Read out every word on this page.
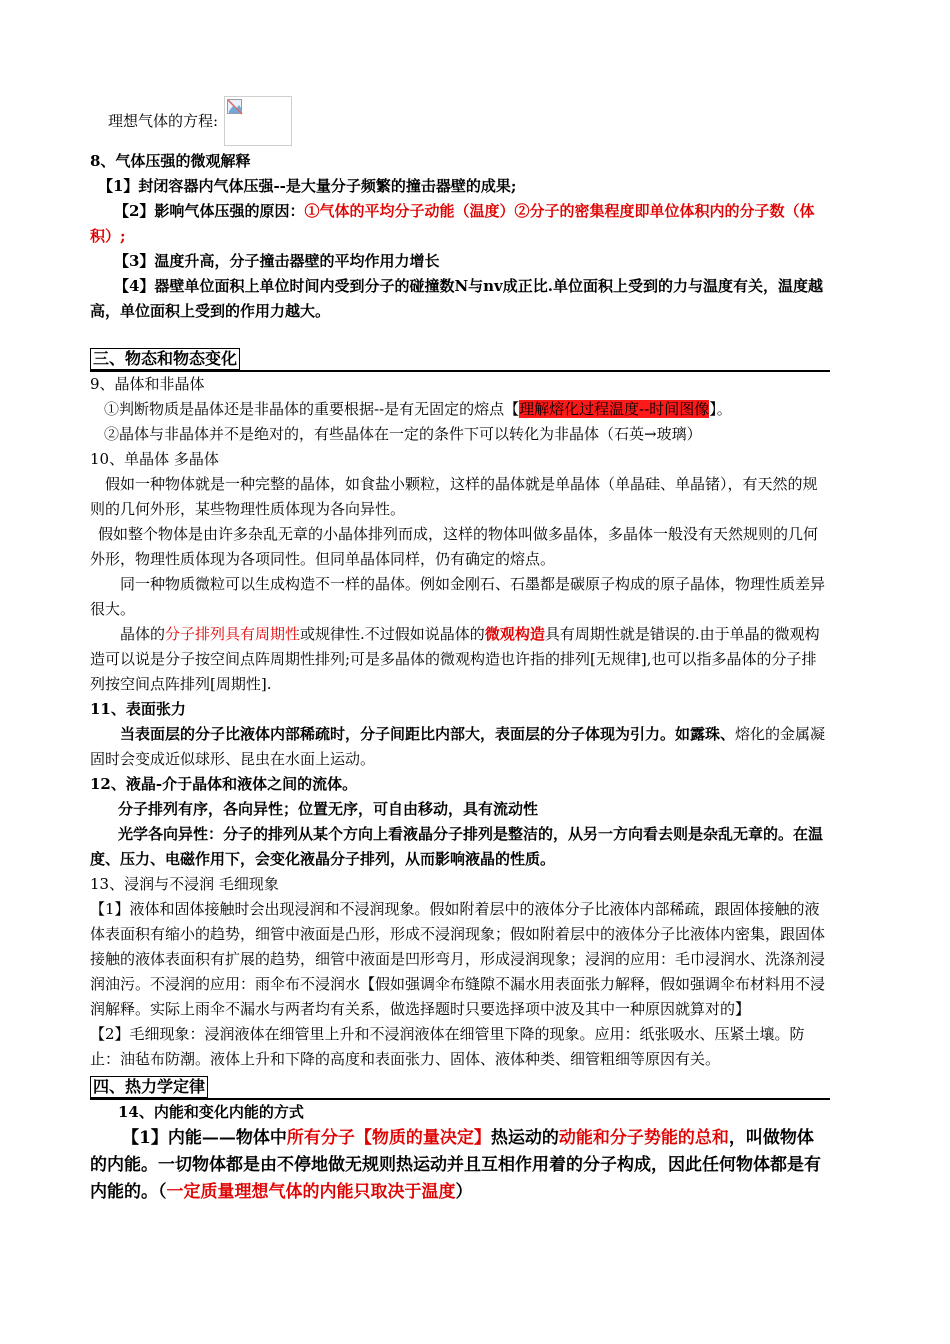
理想气体的方程:
8、气体压强的微观解释
【1】封闭容器内气体压强--是大量分子频繁的撞击器壁的成果;
【2】影响气体压强的原因：①气体的平均分子动能（温度）②分子的密集程度即单位体积内的分子数（体积）;
【3】温度升高，分子撞击器壁的平均作用力增长
【4】器壁单位面积上单位时间内受到分子的碰撞数N与nv成正比.单位面积上受到的力与温度有关，温度越高，单位面积上受到的作用力越大。
三、物态和物态变化
9、晶体和非晶体
①判断物质是晶体还是非晶体的重要根据--是有无固定的熔点【理解熔化过程温度--时间图像】。
②晶体与非晶体并不是绝对的，有些晶体在一定的条件下可以转化为非晶体（石英→玻璃）
10、单晶体 多晶体
假如一种物体就是一种完整的晶体，如食盐小颗粒，这样的晶体就是单晶体（单晶硅、单晶锗），有天然的规则的几何外形，某些物理性质体现为各向异性。
假如整个物体是由许多杂乱无章的小晶体排列而成，这样的物体叫做多晶体，多晶体一般没有天然规则的几何外形，物理性质体现为各项同性。但同单晶体同样，仍有确定的熔点。
同一种物质微粒可以生成构造不一样的晶体。例如金刚石、石墨都是碳原子构成的原子晶体，物理性质差异很大。
晶体的分子排列具有周期性或规律性.不过假如说晶体的微观构造具有周期性就是错误的.由于单晶的微观构造可以说是分子按空间点阵周期性排列;可是多晶体的微观构造也许指的排列[无规律],也可以指多晶体的分子排列按空间点阵排列[周期性].
11、表面张力
当表面层的分子比液体内部稀疏时，分子间距比内部大，表面层的分子体现为引力。如露珠、熔化的金属凝固时会变成近似球形、昆虫在水面上运动。
12、液晶-介于晶体和液体之间的流体。
分子排列有序，各向异性；位置无序，可自由移动，具有流动性
光学各向异性：分子的排列从某个方向上看液晶分子排列是整洁的，从另一方向看去则是杂乱无章的。在温度、压力、电磁作用下，会变化液晶分子排列，从而影响液晶的性质。
13、浸润与不浸润 毛细现象
【1】液体和固体接触时会出现浸润和不浸润现象。假如附着层中的液体分子比液体内部稀疏，跟固体接触的液体表面积有缩小的趋势，细管中液面是凸形，形成不浸润现象；假如附着层中的液体分子比液体内密集，跟固体接触的液体表面积有扩展的趋势，细管中液面是凹形弯月，形成浸润现象；浸润的应用：毛巾浸润水、洗涤剂浸润油污。不浸润的应用：雨伞布不浸润水【假如强调伞布缝隙不漏水用表面张力解释，假如强调伞布材料用不浸润解释。实际上雨伞不漏水与两者均有关系，做选择题时只要选择项中波及其中一种原因就算对的】
【2】毛细现象：浸润液体在细管里上升和不浸润液体在细管里下降的现象。应用：纸张吸水、压紧土壤。防止：油毡布防潮。液体上升和下降的高度和表面张力、固体、液体种类、细管粗细等原因有关。
四、热力学定律
14、内能和变化内能的方式
【1】内能——物体中所有分子【物质的量决定】热运动的动能和分子势能的总和，叫做物体的内能。一切物体都是由不停地做无规则热运动并且互相作用着的分子构成，因此任何物体都是有内能的。（一定质量理想气体的内能只取决于温度）
